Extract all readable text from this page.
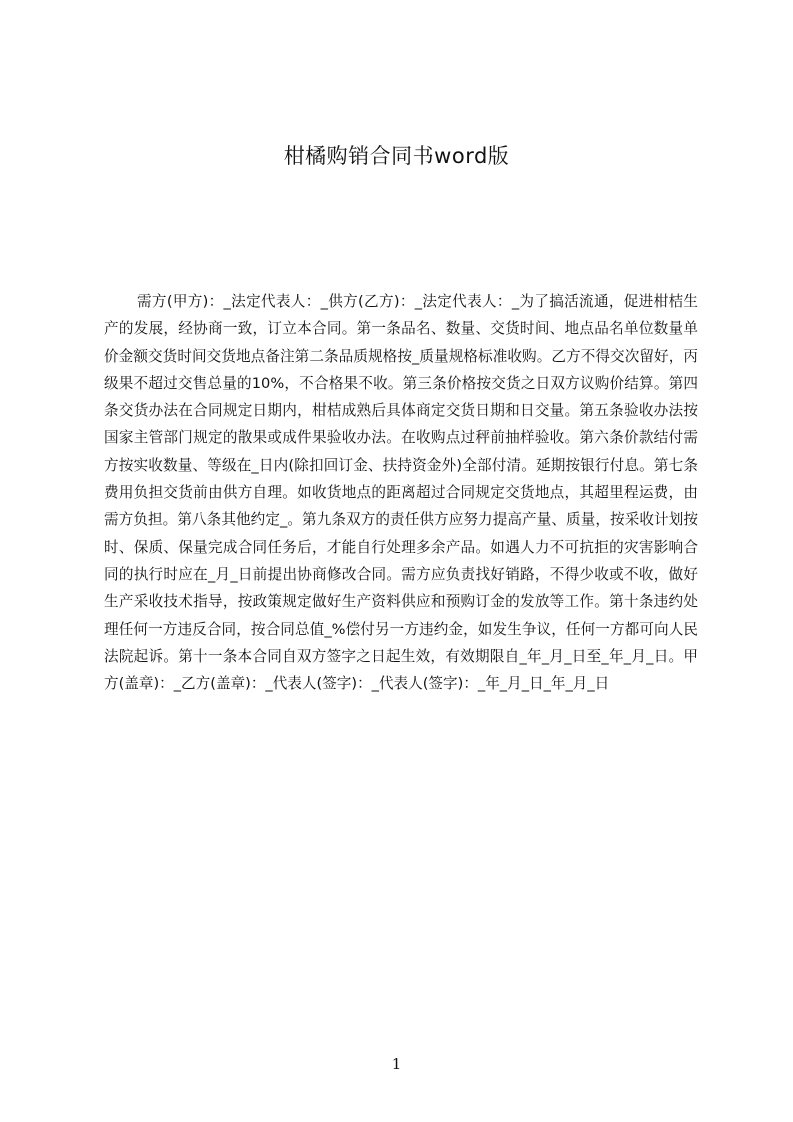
柑橘购销合同书word版

需方(甲方)：_法定代表人：_供方(乙方)：_法定代表人：_为了搞活流通，促进柑桔生产的发展，经协商一致，订立本合同。第一条品名、数量、交货时间、地点品名单位数量单价金额交货时间交货地点备注第二条品质规格按_质量规格标准收购。乙方不得交次留好，丙级果不超过交售总量的10%，不合格果不收。第三条价格按交货之日双方议购价结算。第四条交货办法在合同规定日期内，柑桔成熟后具体商定交货日期和日交量。第五条验收办法按国家主管部门规定的散果或成件果验收办法。在收购点过秤前抽样验收。第六条价款结付需方按实收数量、等级在_日内(除扣回订金、扶持资金外)全部付清。延期按银行付息。第七条费用负担交货前由供方自理。如收货地点的距离超过合同规定交货地点，其超里程运费，由需方负担。第八条其他约定_。第九条双方的责任供方应努力提高产量、质量，按采收计划按时、保质、保量完成合同任务后，才能自行处理多余产品。如遇人力不可抗拒的灾害影响合同的执行时应在_月_日前提出协商修改合同。需方应负责找好销路，不得少收或不收，做好生产采收技术指导，按政策规定做好生产资料供应和预购订金的发放等工作。第十条违约处理任何一方违反合同，按合同总值_%偿付另一方违约金，如发生争议，任何一方都可向人民法院起诉。第十一条本合同自双方签字之日起生效，有效期限自_年_月_日至_年_月_日。甲方(盖章)：_乙方(盖章)：_代表人(签字)：_代表人(签字)：_年_月_日_年_月_日

1
